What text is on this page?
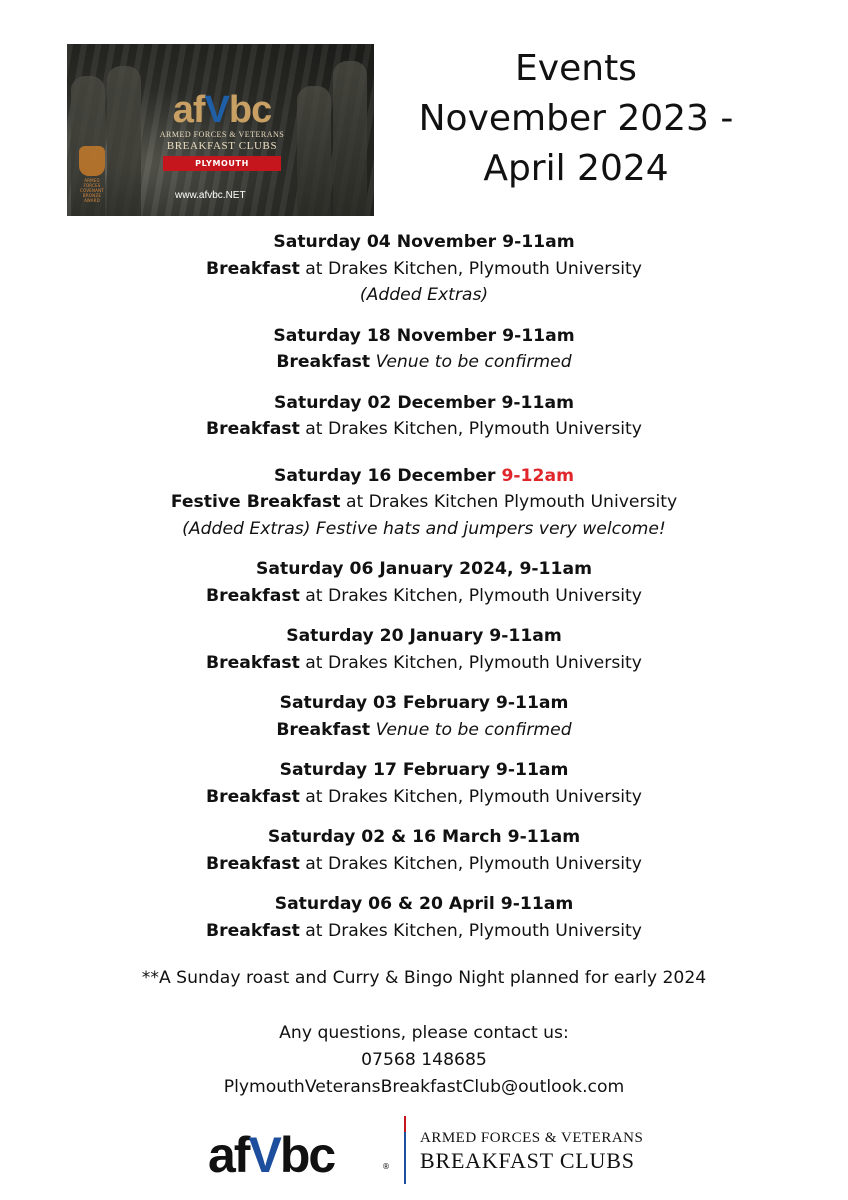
ARMED FORCES COVENANT BRONZE AWARD
afVbc
ARMED FORCES & VETERANS
BREAKFAST CLUBS
PLYMOUTH
www.afvbc.NET
Events
November 2023 -
April 2024
Saturday 04 November 9-11am
Breakfast at Drakes Kitchen, Plymouth University
(Added Extras)
Saturday 18 November 9-11am
Breakfast Venue to be confirmed
Saturday 02 December 9-11am
Breakfast at Drakes Kitchen, Plymouth University
Saturday 16 December 9-12am
Festive Breakfast at Drakes Kitchen Plymouth University
(Added Extras) Festive hats and jumpers very welcome!
Saturday 06 January 2024, 9-11am
Breakfast at Drakes Kitchen, Plymouth University
Saturday 20 January 9-11am
Breakfast at Drakes Kitchen, Plymouth University
Saturday 03 February 9-11am
Breakfast Venue to be confirmed
Saturday 17 February 9-11am
Breakfast at Drakes Kitchen, Plymouth University
Saturday 02 & 16 March 9-11am
Breakfast at Drakes Kitchen, Plymouth University
Saturday 06 & 20 April 9-11am
Breakfast at Drakes Kitchen, Plymouth University
**A Sunday roast and Curry & Bingo Night planned for early 2024
Any questions, please contact us:
07568 148685
PlymouthVeteransBreakfastClub@outlook.com
afVbc	®
ARMED FORCES & VETERANS
BREAKFAST CLUBS
